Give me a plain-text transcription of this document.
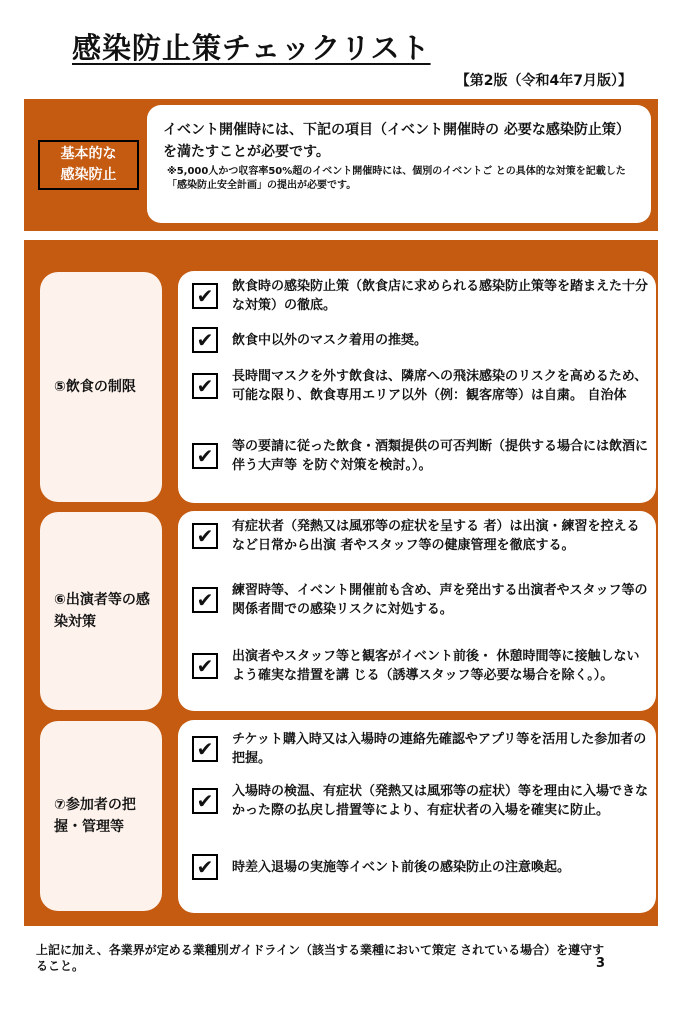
感染防止策チェックリスト
【第2版（令和4年7月版）】
基本的な
感染防止
イベント開催時には、下記の項目（イベント開催時の 必要な感染防止策）を満たすことが必要です。
※5,000人かつ収容率50%超のイベント開催時には、個別のイベントご との具体的な対策を記載した「感染防止安全計画」の提出が必要です。
⑤飲食の制限
✔	飲食時の感染防止策（飲食店に求められる感染防止策等を踏まえた十分な対策）の徹底。
✔	飲食中以外のマスク着用の推奨。
✔	長時間マスクを外す飲食は、隣席への飛沫感染のリスクを高めるため、可能な限り、飲食専用エリア以外（例：観客席等）は自粛。 自治体
✔	等の要請に従った飲食・酒類提供の可否判断（提供する場合には飲酒に伴う大声等 を防ぐ対策を検討。）。
⑥出演者等の感染対策
✔	有症状者（発熱又は風邪等の症状を呈する 者）は出演・練習を控えるなど日常から出演 者やスタッフ等の健康管理を徹底する。
✔	練習時等、イベント開催前も含め、声を発出する出演者やスタッフ等の関係者間での感染リスクに対処する。
✔	出演者やスタッフ等と観客がイベント前後・ 休憩時間等に接触しないよう確実な措置を講 じる（誘導スタッフ等必要な場合を除く。）。
⑦参加者の把握・管理等
✔	チケット購入時又は入場時の連絡先確認やアプリ等を活用した参加者の把握。
✔	入場時の検温、有症状（発熱又は風邪等の症状）等を理由に入場できなかった際の払戻し措置等により、有症状者の入場を確実に防止。
✔	時差入退場の実施等イベント前後の感染防止の注意喚起。
上記に加え、各業界が定める業種別ガイドライン（該当する業種において策定 されている場合）を遵守すること。	3
